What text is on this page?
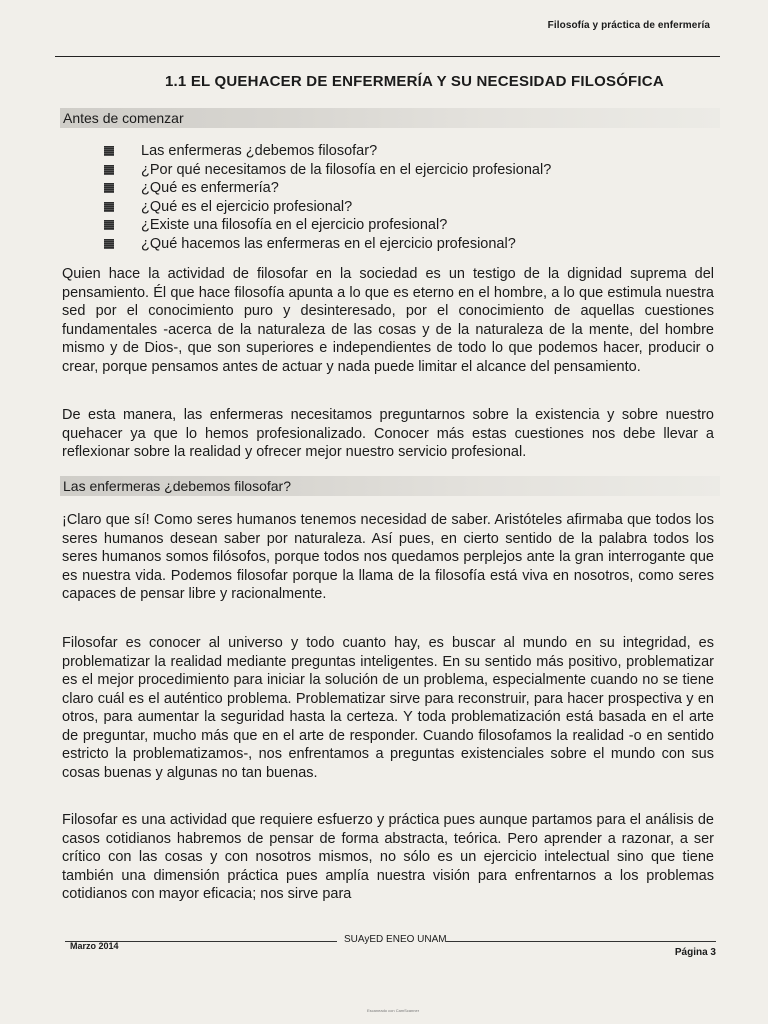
Filosofía y práctica de enfermería
1.1 EL QUEHACER DE ENFERMERÍA Y SU NECESIDAD FILOSÓFICA
Antes de comenzar
Las enfermeras ¿debemos filosofar?
¿Por qué necesitamos de la filosofía en el ejercicio profesional?
¿Qué es enfermería?
¿Qué es el ejercicio profesional?
¿Existe una filosofía en el ejercicio profesional?
¿Qué hacemos las enfermeras en el ejercicio profesional?

Quien hace la actividad de filosofar en la sociedad es un testigo de la dignidad suprema del pensamiento. Él que hace filosofía apunta a lo que es eterno en el hombre, a lo que estimula nuestra sed por el conocimiento puro y desinteresado, por el conocimiento de aquellas cuestiones fundamentales -acerca de la naturaleza de las cosas y de la naturaleza de la mente, del hombre mismo y de Dios-, que son superiores e independientes de todo lo que podemos hacer, producir o crear, porque pensamos antes de actuar y nada puede limitar el alcance del pensamiento.

De esta manera, las enfermeras necesitamos preguntarnos sobre la existencia y sobre nuestro quehacer ya que lo hemos profesionalizado. Conocer más estas cuestiones nos debe llevar a reflexionar sobre la realidad y ofrecer mejor nuestro servicio profesional.

Las enfermeras ¿debemos filosofar?

¡Claro que sí! Como seres humanos tenemos necesidad de saber. Aristóteles afirmaba que todos los seres humanos desean saber por naturaleza. Así pues, en cierto sentido de la palabra todos los seres humanos somos filósofos, porque todos nos quedamos perplejos ante la gran interrogante que es nuestra vida. Podemos filosofar porque la llama de la filosofía está viva en nosotros, como seres capaces de pensar libre y racionalmente.

Filosofar es conocer al universo y todo cuanto hay, es buscar al mundo en su integridad, es problematizar la realidad mediante preguntas inteligentes. En su sentido más positivo, problematizar es el mejor procedimiento para iniciar la solución de un problema, especialmente cuando no se tiene claro cuál es el auténtico problema. Problematizar sirve para reconstruir, para hacer prospectiva y en otros, para aumentar la seguridad hasta la certeza. Y toda problematización está basada en el arte de preguntar, mucho más que en el arte de responder. Cuando filosofamos la realidad -o en sentido estricto la problematizamos-, nos enfrentamos a preguntas existenciales sobre el mundo con sus cosas buenas y algunas no tan buenas.

Filosofar es una actividad que requiere esfuerzo y práctica pues aunque partamos para el análisis de casos cotidianos habremos de pensar de forma abstracta, teórica. Pero aprender a razonar, a ser crítico con las cosas y con nosotros mismos, no sólo es un ejercicio intelectual sino que tiene también una dimensión práctica pues amplía nuestra visión para enfrentarnos a los problemas cotidianos con mayor eficacia; nos sirve para

Marzo 2014
SUAyED ENEO UNAM
Página 3
Escaneado con CamScanner
